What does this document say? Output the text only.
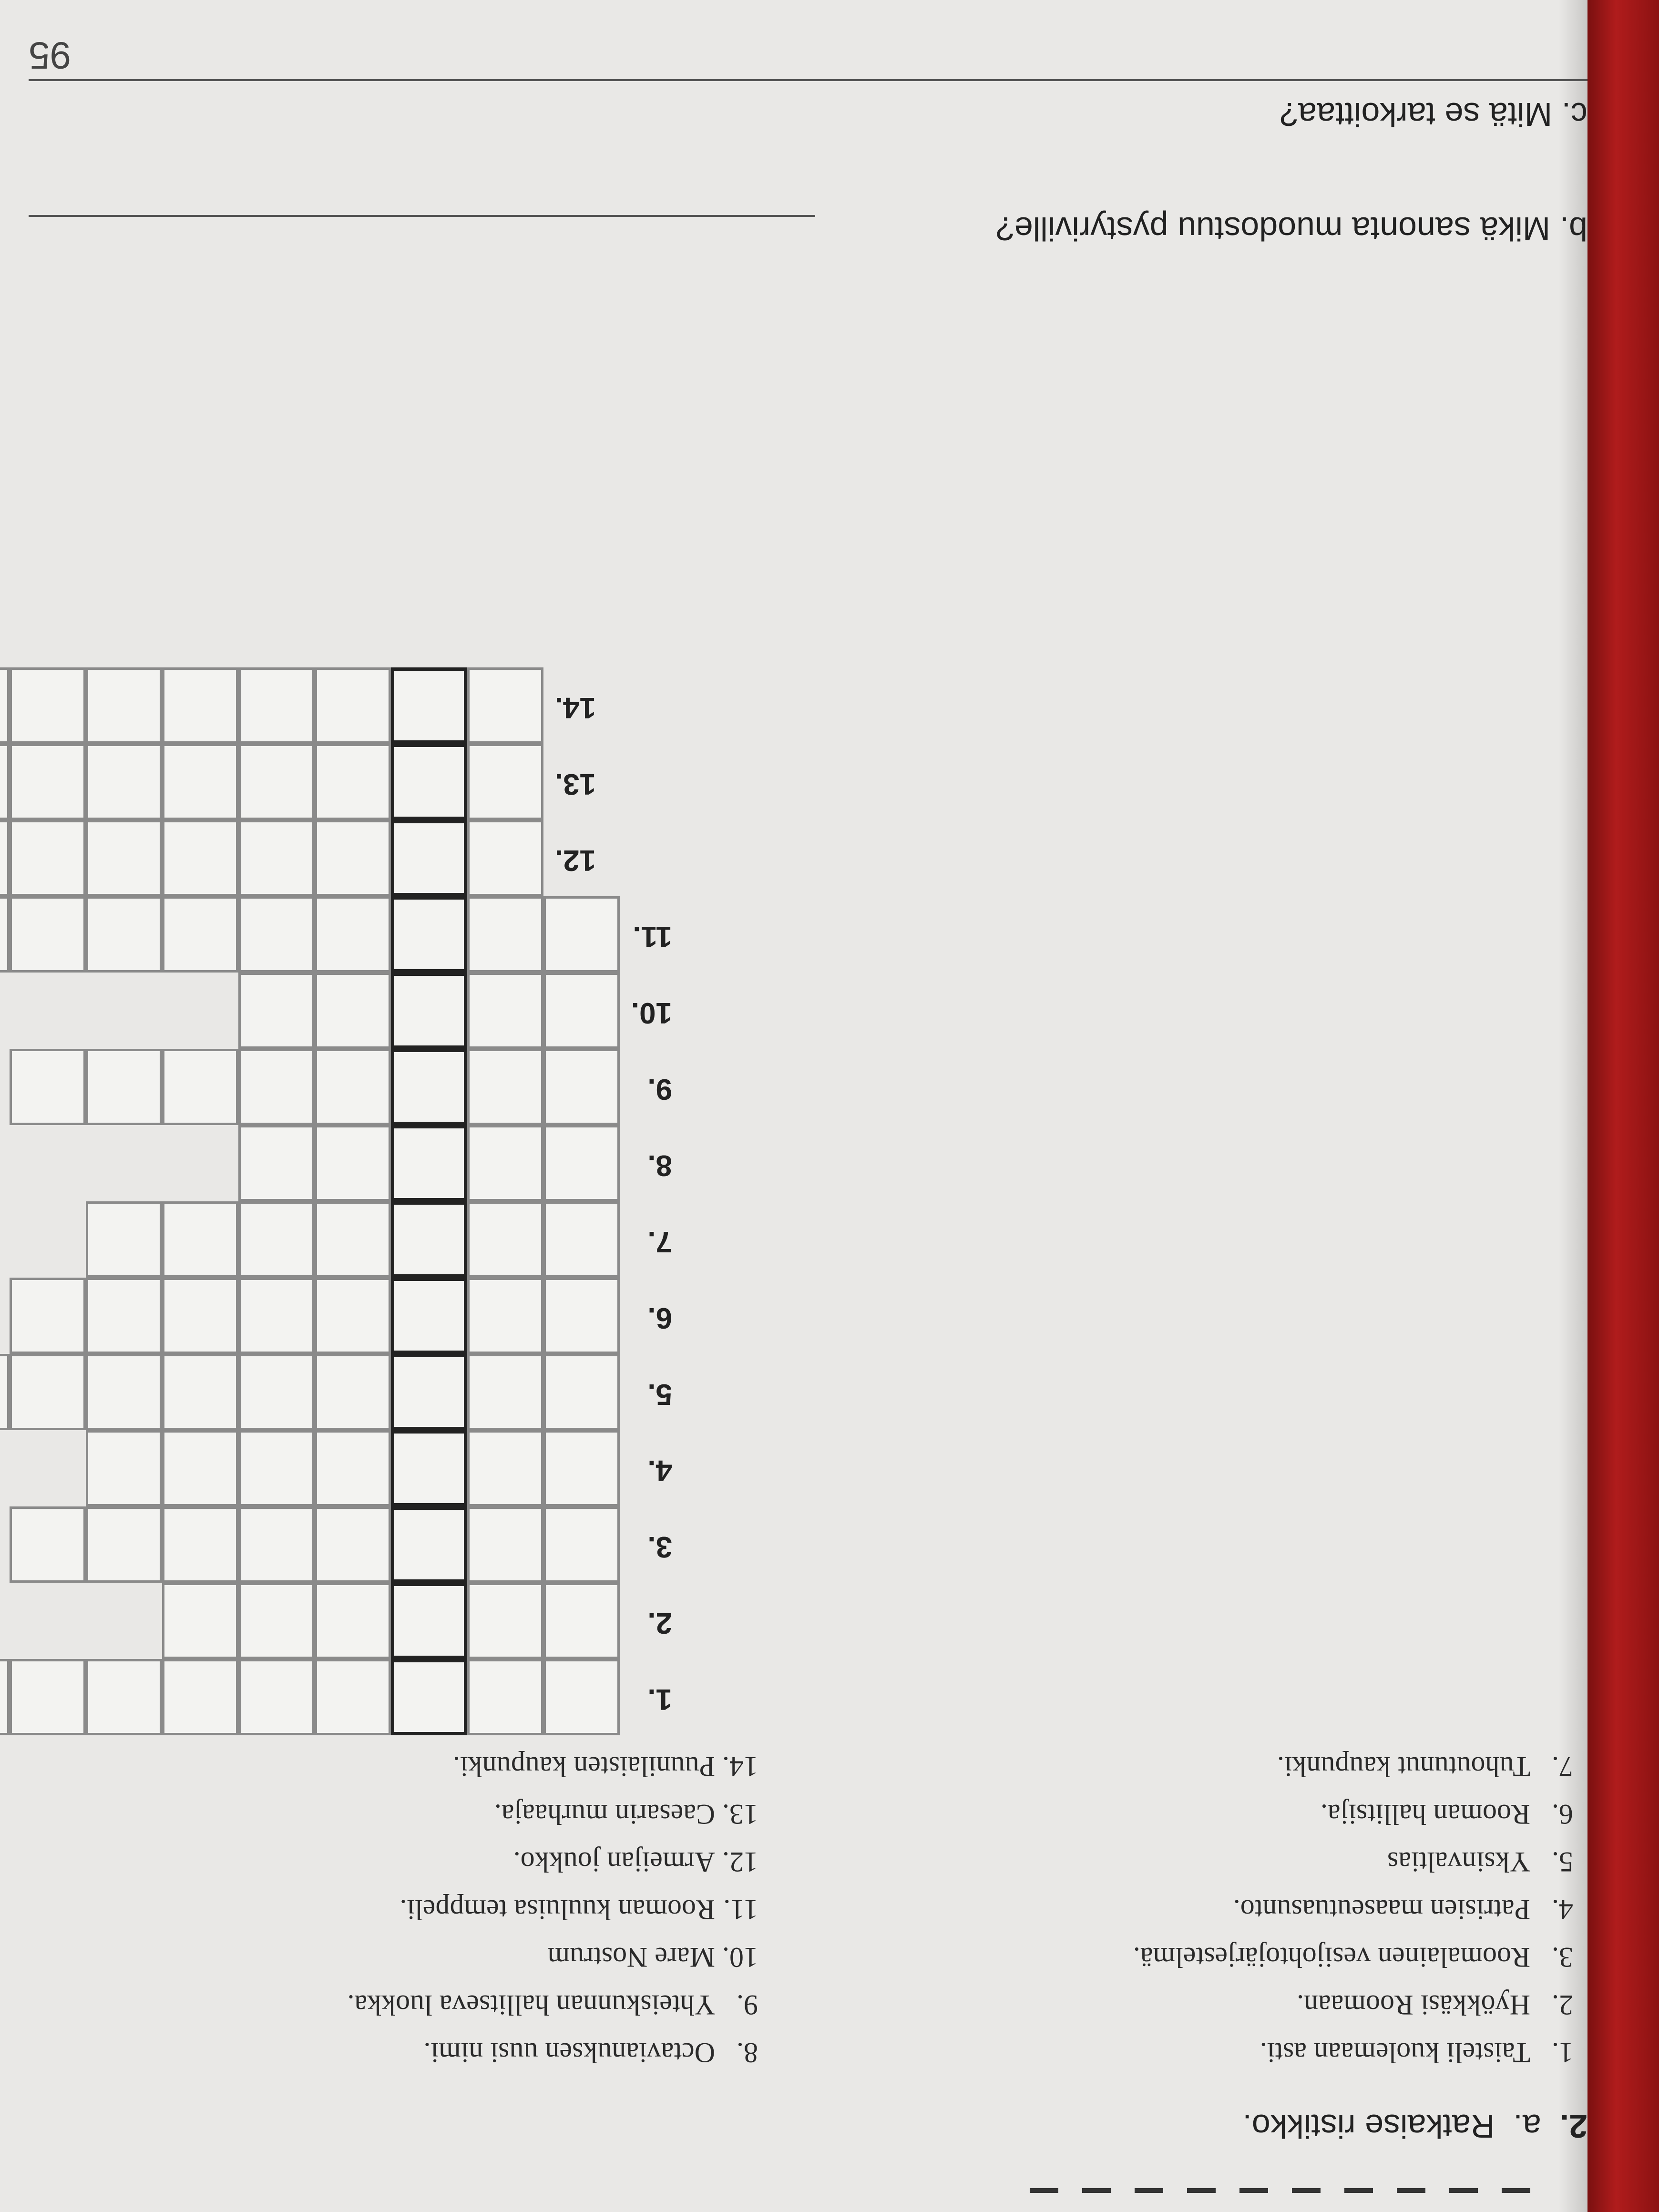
2.  a.  Ratkaise ristikko.
1.Taisteli kuolemaan asti.
2.Hyökkäsi Roomaan.
3.Roomalainen vesijohtojärjestelmä.
4.Patrisien maaseutuasunto.
5.Yksinvaltias
6.Rooman hallitsija.
7.Tuhoutunut kaupunki.
8.Octavianuksen uusi nimi.
9.Yhteiskunnan hallitseva luokka.
10.Mare Nostrum
11.Rooman kuuluisa temppeli.
12.Armeijan joukko.
13.Caesarin murhaaja.
14.Puunilaisten kaupunki.
1.
2.
3.
4.
5.
6.
7.
8.
9.
10.
11.
12.
13.
14.
b. Mikä sanonta muodostuu pystyriville?
c. Mitä se tarkoittaa?
95
